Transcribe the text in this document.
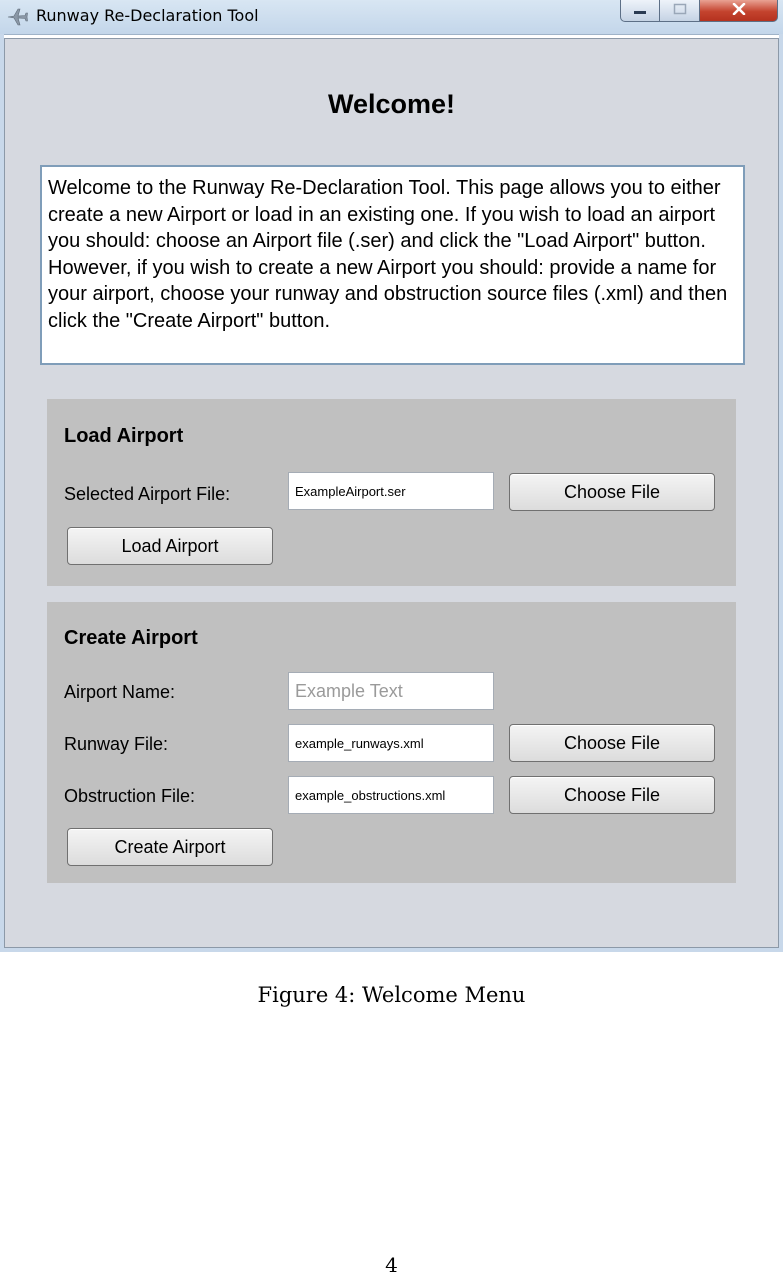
Runway Re-Declaration Tool
Welcome!
Welcome to the Runway Re-Declaration Tool. This page allows you to either create a new Airport or load in an existing one. If you wish to load an airport you should: choose an Airport file (.ser) and click the "Load Airport" button. However, if you wish to create a new Airport you should: provide a name for your airport, choose your runway and obstruction source files (.xml) and then click the "Create Airport" button.
Load Airport
Selected Airport File:	ExampleAirport.ser	Choose File
Load Airport
Create Airport
Airport Name:	Example Text
Runway File:	example_runways.xml	Choose File
Obstruction File:	example_obstructions.xml	Choose File
Create Airport
Figure 4: Welcome Menu
4
